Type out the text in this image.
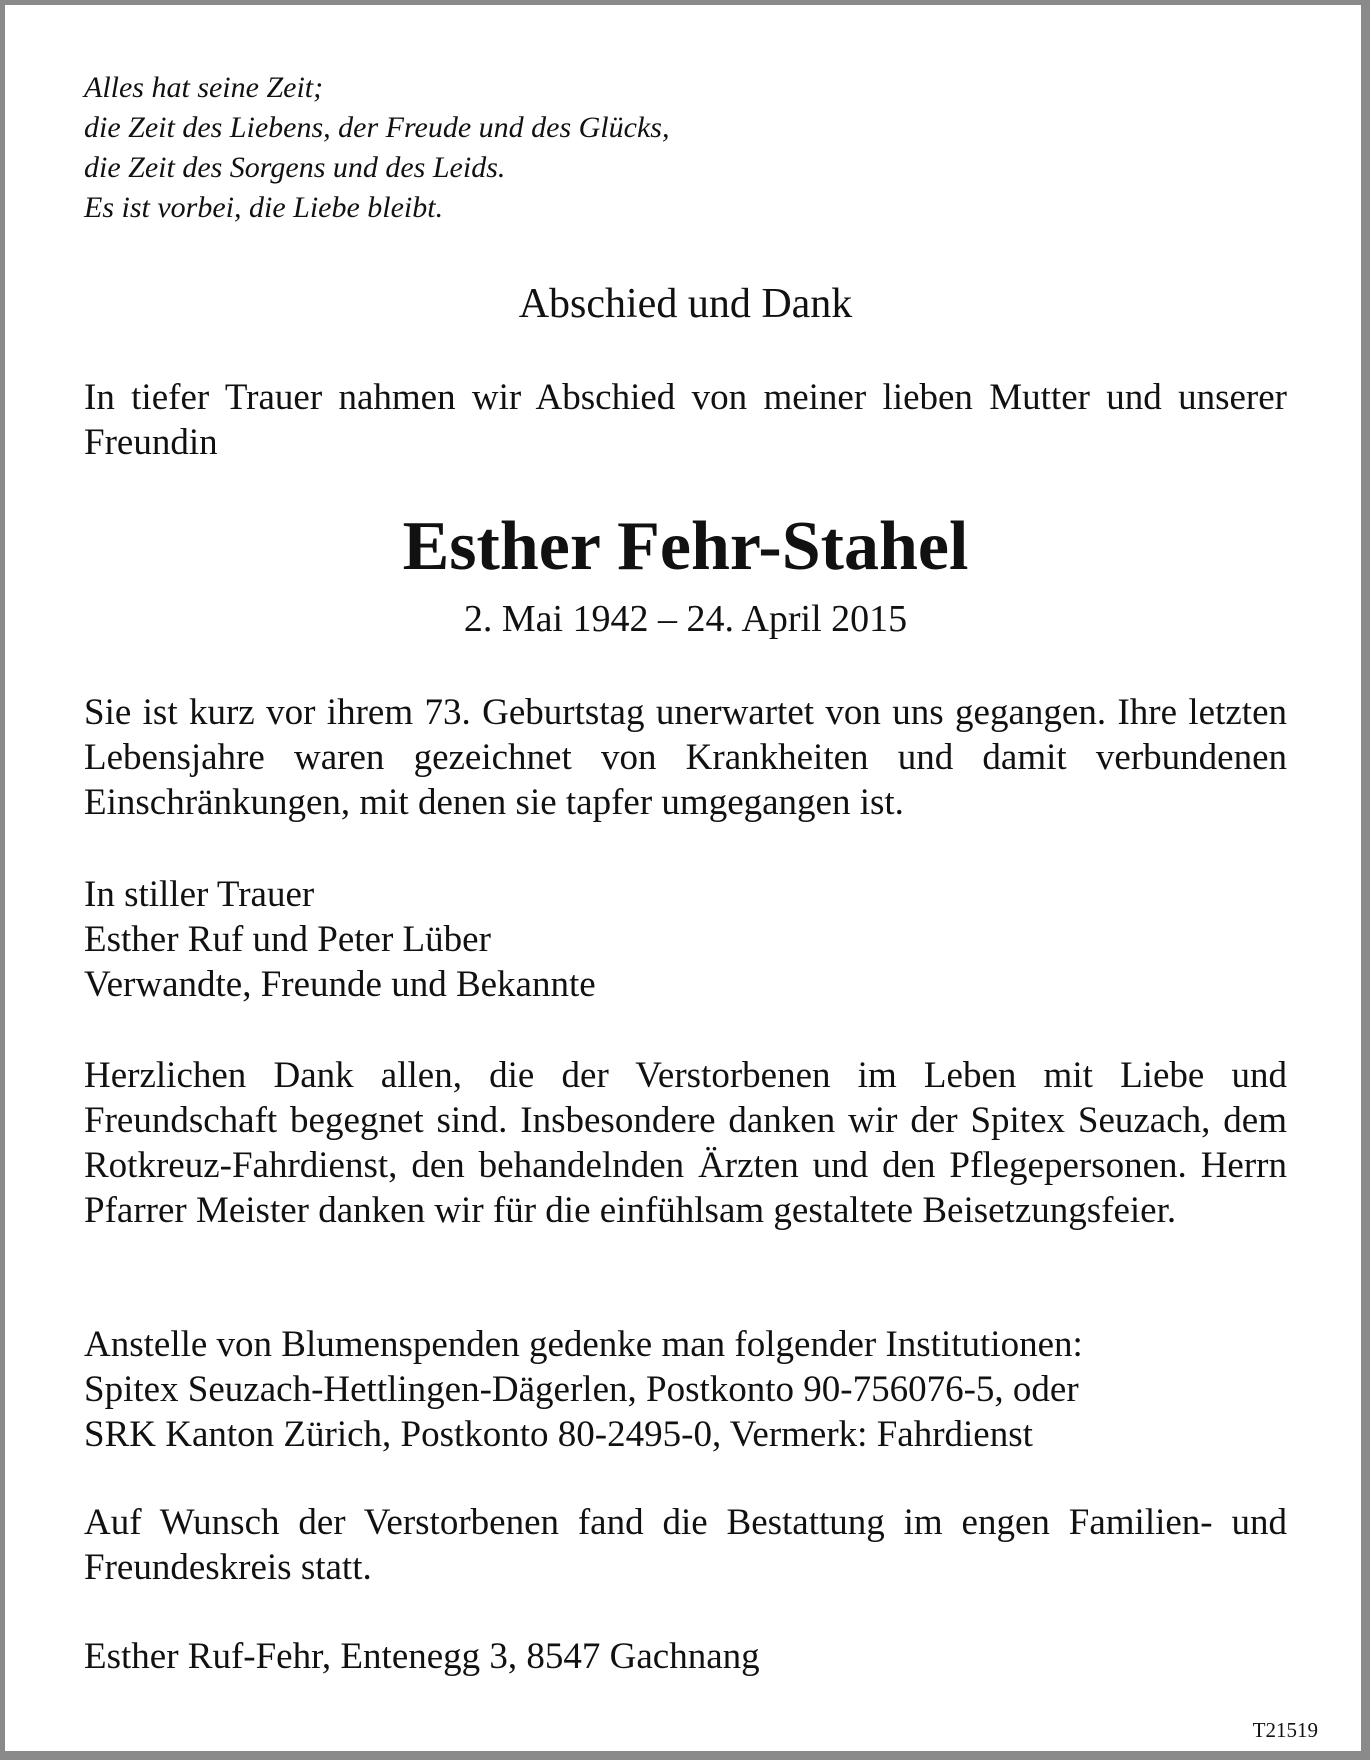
Alles hat seine Zeit;
die Zeit des Liebens, der Freude und des Glücks,
die Zeit des Sorgens und des Leids.
Es ist vorbei, die Liebe bleibt.
Abschied und Dank
In tiefer Trauer nahmen wir Abschied von meiner lieben Mutter und unserer Freundin
Esther Fehr-Stahel
2. Mai 1942 – 24. April 2015
Sie ist kurz vor ihrem 73. Geburtstag unerwartet von uns gegangen. Ihre letzten Lebensjahre waren gezeichnet von Krankheiten und damit verbundenen Einschränkungen, mit denen sie tapfer umgegangen ist.
In stiller Trauer
Esther Ruf und Peter Lüber
Verwandte, Freunde und Bekannte
Herzlichen Dank allen, die der Verstorbenen im Leben mit Liebe und Freundschaft begegnet sind. Insbesondere danken wir der Spitex Seuzach, dem Rotkreuz-Fahrdienst, den behandelnden Ärzten und den Pflegepersonen. Herrn Pfarrer Meister danken wir für die einfühlsam gestaltete Beisetzungsfeier.
Anstelle von Blumenspenden gedenke man folgender Institutionen:
Spitex Seuzach-Hettlingen-Dägerlen, Postkonto 90-756076-5, oder
SRK Kanton Zürich, Postkonto 80-2495-0, Vermerk: Fahrdienst
Auf Wunsch der Verstorbenen fand die Bestattung im engen Familien- und Freundeskreis statt.
Esther Ruf-Fehr, Entenegg 3, 8547 Gachnang
T21519
